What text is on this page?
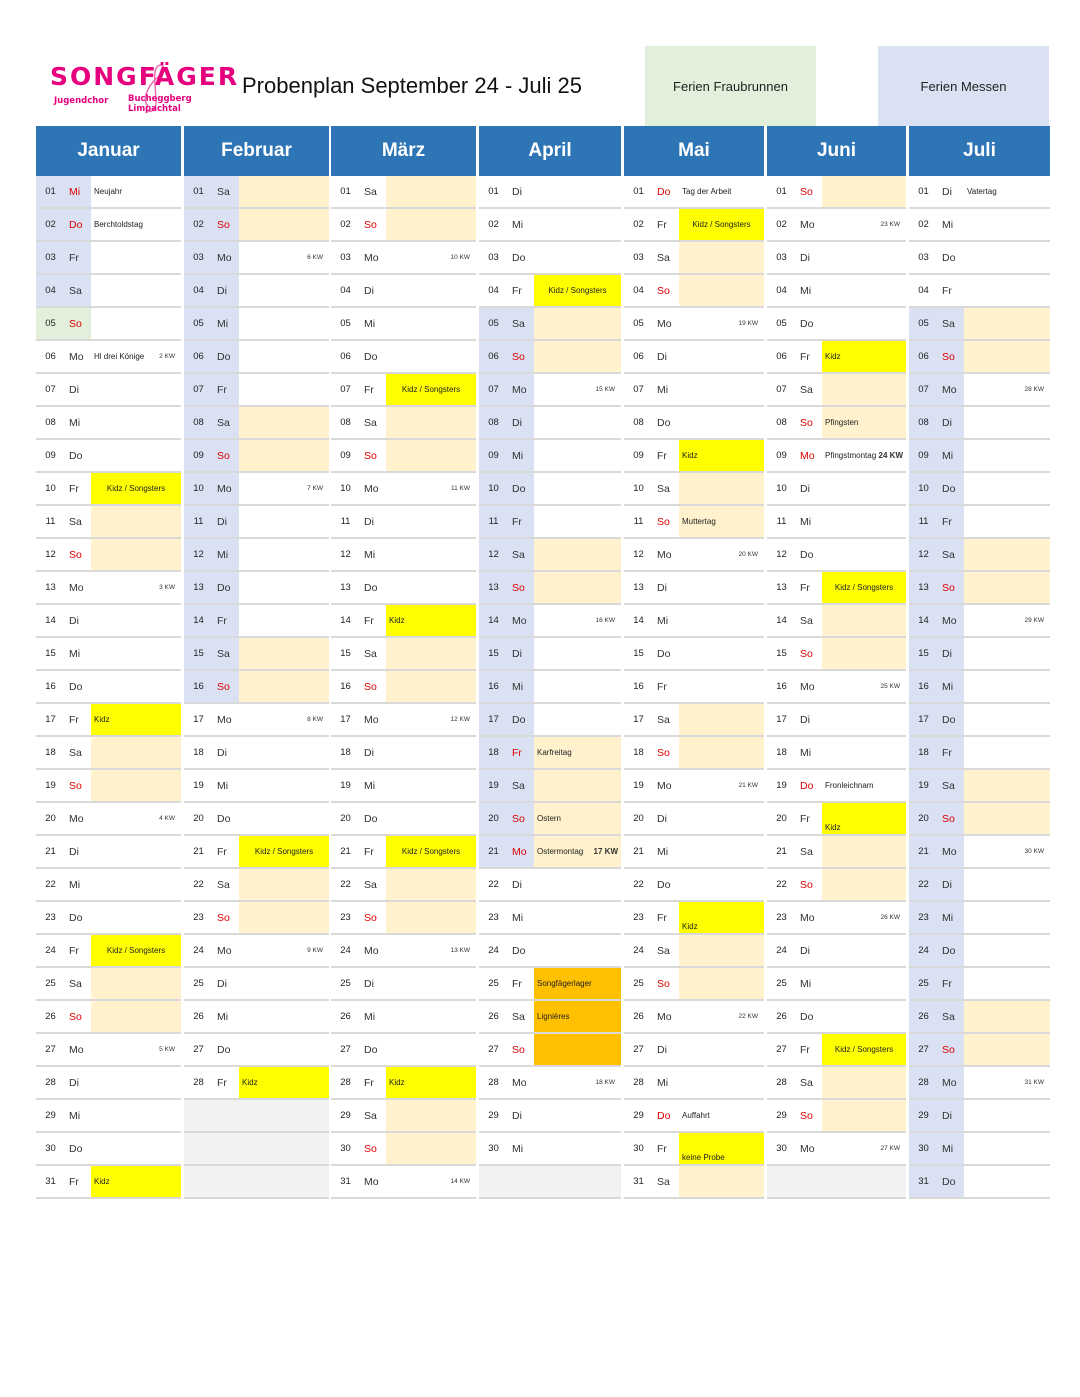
SONGFÄGER
Jugendchor Bucheggberg Limpachtal
Probenplan September 24 - Juli 25	Ferien Fraubrunnen	Ferien Messen
Januar
01	Mi	Neujahr
02	Do	Berchtoldstag
03	Fr
04	Sa
05	So
06	Mo	Hl drei Könige 2 KW
07	Di
08	Mi
09	Do
10	Fr	Kidz / Songsters
11	Sa
12	So
13	Mo	3 KW
14	Di
15	Mi
16	Do
17	Fr	Kidz
18	Sa
19	So
20	Mo	4 KW
21	Di
22	Mi
23	Do
24	Fr	Kidz / Songsters
25	Sa
26	So
27	Mo	5 KW
28	Di
29	Mi
30	Do
31	Fr	Kidz
Februar
01	Sa
02	So
03	Mo	6 KW
04	Di
05	Mi
06	Do
07	Fr
08	Sa
09	So
10	Mo	7 KW
11	Di
12	Mi
13	Do
14	Fr
15	Sa
16	So
17	Mo	8 KW
18	Di
19	Mi
20	Do
21	Fr	Kidz / Songsters
22	Sa
23	So
24	Mo	9 KW
25	Di
26	Mi
27	Do
28	Fr	Kidz
März
01	Sa
02	So
03	Mo	10 KW
04	Di
05	Mi
06	Do
07	Fr	Kidz / Songsters
08	Sa
09	So
10	Mo	11 KW
11	Di
12	Mi
13	Do
14	Fr	Kidz
15	Sa
16	So
17	Mo	12 KW
18	Di
19	Mi
20	Do
21	Fr	Kidz / Songsters
22	Sa
23	So
24	Mo	13 KW
25	Di
26	Mi
27	Do
28	Fr	Kidz
29	Sa
30	So
31	Mo	14 KW
April
01	Di
02	Mi
03	Do
04	Fr	Kidz / Songsters
05	Sa
06	So
07	Mo	15 KW
08	Di
09	Mi
10	Do
11	Fr
12	Sa
13	So
14	Mo	16 KW
15	Di
16	Mi
17	Do
18	Fr	Karfreitag
19	Sa
20	So	Ostern
21	Mo	Ostermontag 17 KW
22	Di
23	Mi
24	Do
25	Fr	Songfägerlager
26	Sa	Lignières
27	So
28	Mo	18 KW
29	Di
30	Mi
Mai
01	Do	Tag der Arbeit
02	Fr	Kidz / Songsters
03	Sa
04	So
05	Mo	19 KW
06	Di
07	Mi
08	Do
09	Fr	Kidz
10	Sa
11	So	Muttertag
12	Mo	20 KW
13	Di
14	Mi
15	Do
16	Fr
17	Sa
18	So
19	Mo	21 KW
20	Di
21	Mi
22	Do
23	Fr
Kidz
24	Sa
25	So
26	Mo	22 KW
27	Di
28	Mi
29	Do	Auffahrt
30	Fr
keine Probe
31	Sa
Juni
01	So
02	Mo	23 KW
03	Di
04	Mi
05	Do
06	Fr	Kidz
07	Sa
08	So	Pfingsten
09	Mo	Pfingstmontag 24 KW
10	Di
11	Mi
12	Do
13	Fr	Kidz / Songsters
14	Sa
15	So
16	Mo	25 KW
17	Di
18	Mi
19	Do	Fronleichnam
20	Fr
Kidz
21	Sa
22	So
23	Mo	26 KW
24	Di
25	Mi
26	Do
27	Fr	Kidz / Songsters
28	Sa
29	So
30	Mo	27 KW
Juli
01	Di	Vatertag
02	Mi
03	Do
04	Fr
05	Sa
06	So
07	Mo	28 KW
08	Di
09	Mi
10	Do
11	Fr
12	Sa
13	So
14	Mo	29 KW
15	Di
16	Mi
17	Do
18	Fr
19	Sa
20	So
21	Mo	30 KW
22	Di
23	Mi
24	Do
25	Fr
26	Sa
27	So
28	Mo	31 KW
29	Di
30	Mi
31	Do
